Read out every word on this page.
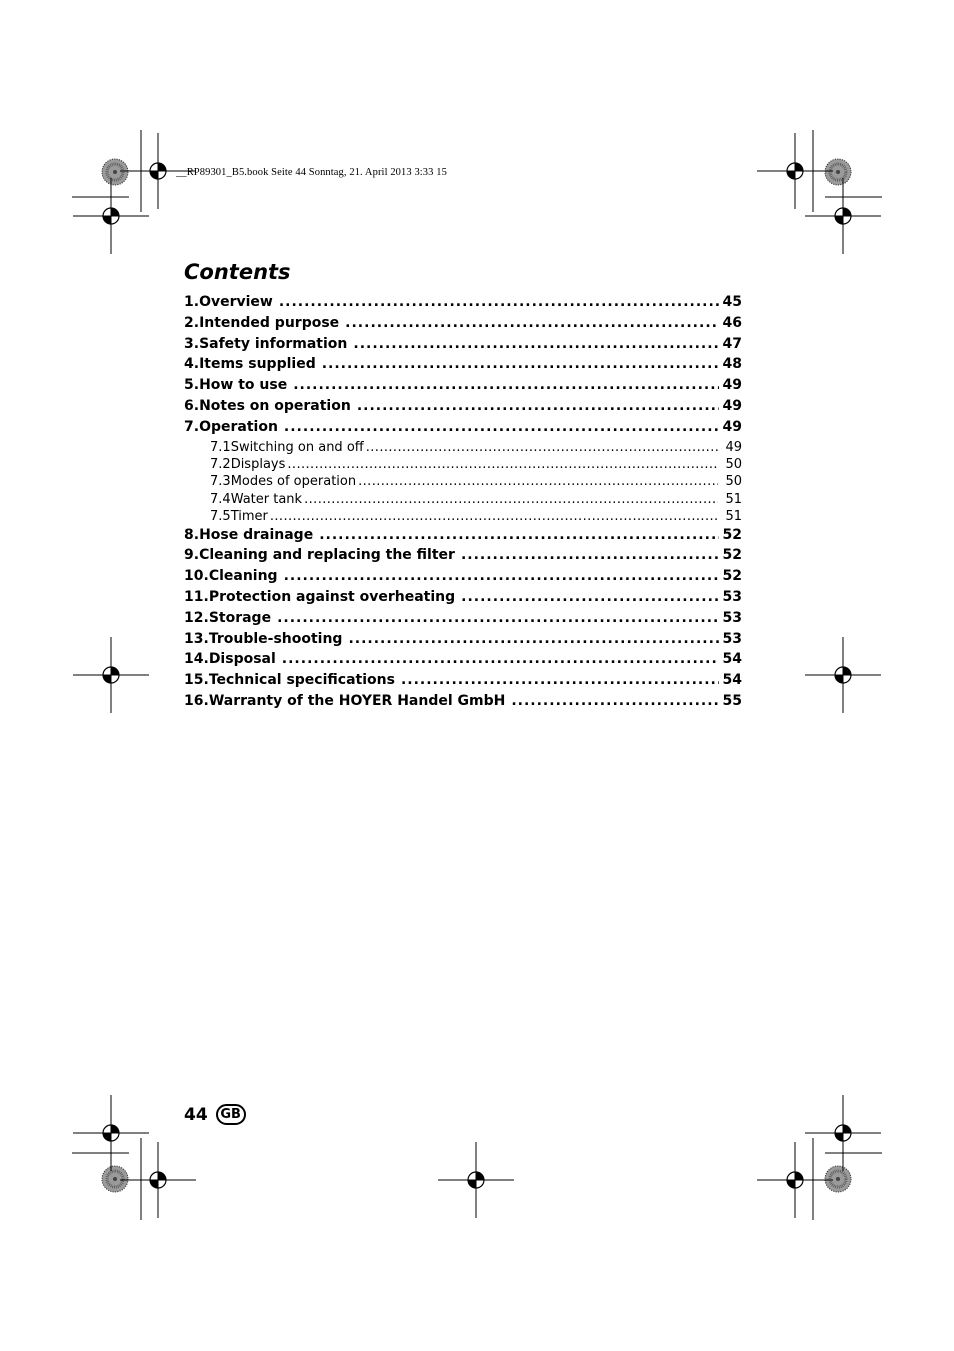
__RP89301_B5.book Seite 44 Sonntag, 21. April 2013 3:33 15
Contents
1. Overview .....	45
2. Intended purpose .....	46
3. Safety information .....	47
4. Items supplied .....	48
5. How to use .....	49
6. Notes on operation .....	49
7. Operation .....	49
7.1 Switching on and off .....	49
7.2 Displays .....	50
7.3 Modes of operation .....	50
7.4 Water tank .....	51
7.5 Timer .....	51
8. Hose drainage .....	52
9. Cleaning and replacing the filter .....	52
10. Cleaning .....	52
11. Protection against overheating .....	53
12. Storage .....	53
13. Trouble-shooting .....	53
14. Disposal .....	54
15. Technical specifications .....	54
16. Warranty of the HOYER Handel GmbH .....	55
44 GB
